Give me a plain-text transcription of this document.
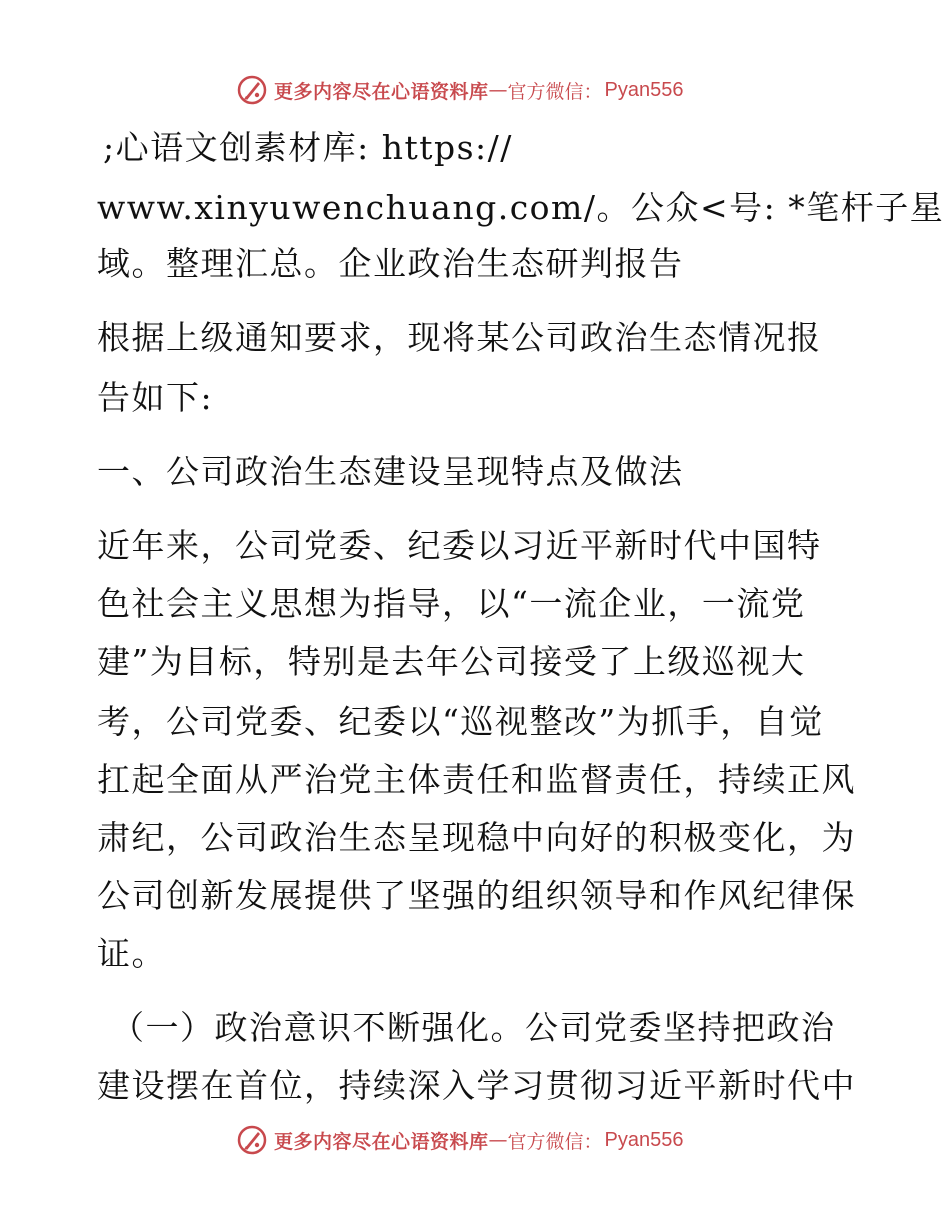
更多内容尽在心语资料库 — 官方微信 ： Pyan556
;心语文创素材库: https://
www.xinyuwenchuang.com/。公众<号: *笔杆子星
域。整理汇总。企业政治生态研判报告
根据上级通知要求，现将某公司政治生态情况报
告如下:
一、公司政治生态建设呈现特点及做法
近年来，公司党委、纪委以习近平新时代中国特
色社会主义思想为指导，以“一流企业，一流党
建”为目标，特别是去年公司接受了上级巡视大
考，公司党委、纪委以“巡视整改”为抓手，自觉
扛起全面从严治党主体责任和监督责任，持续正风
肃纪，公司政治生态呈现稳中向好的积极变化，为
公司创新发展提供了坚强的组织领导和作风纪律保
证。
（一）政治意识不断强化。公司党委坚持把政治
建设摆在首位，持续深入学习贯彻习近平新时代中
更多内容尽在心语资料库 — 官方微信 ： Pyan556
